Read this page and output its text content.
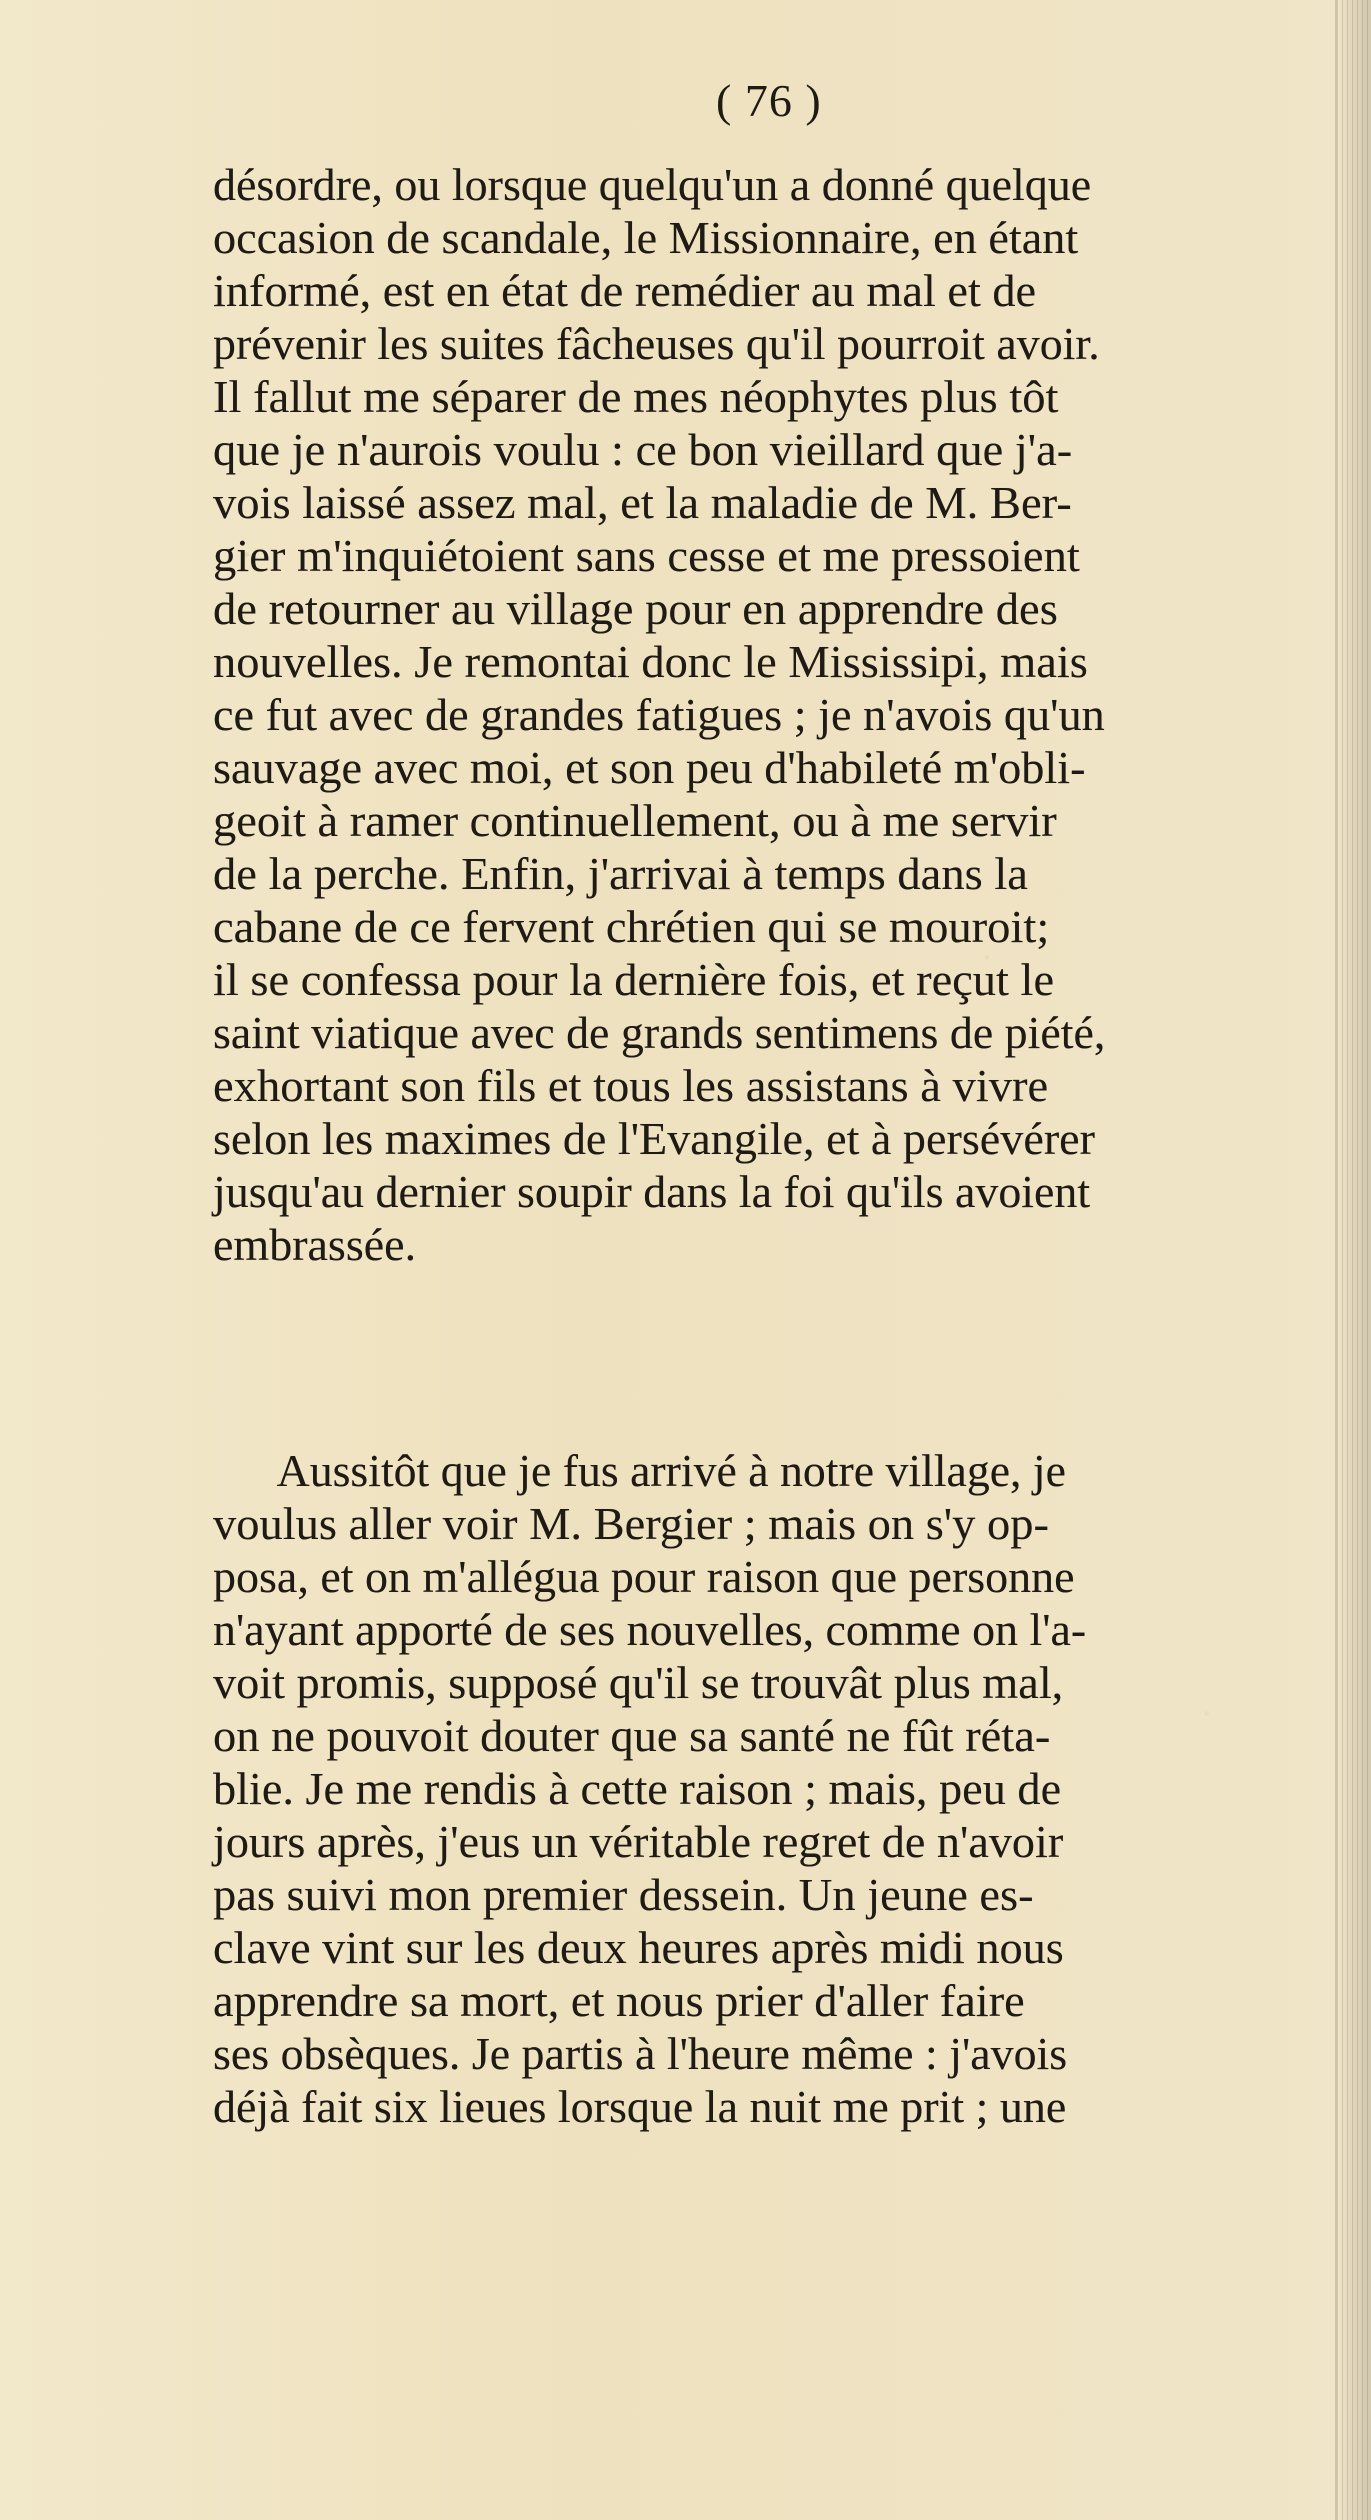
( 76 )
désordre, ou lorsque quelqu'un a donné quelque
occasion de scandale, le Missionnaire, en étant
informé, est en état de remédier au mal et de
prévenir les suites fâcheuses qu'il pourroit avoir.
Il fallut me séparer de mes néophytes plus tôt
que je n'aurois voulu : ce bon vieillard que j'a-
vois laissé assez mal, et la maladie de M. Ber-
gier m'inquiétoient sans cesse et me pressoient
de retourner au village pour en apprendre des
nouvelles. Je remontai donc le Mississipi, mais
ce fut avec de grandes fatigues ; je n'avois qu'un
sauvage avec moi, et son peu d'habileté m'obli-
geoit à ramer continuellement, ou à me servir
de la perche. Enfin, j'arrivai à temps dans la
cabane de ce fervent chrétien qui se mouroit;
il se confessa pour la dernière fois, et reçut le
saint viatique avec de grands sentimens de piété,
exhortant son fils et tous les assistans à vivre
selon les maximes de l'Evangile, et à persévérer
jusqu'au dernier soupir dans la foi qu'ils avoient
embrassée.
Aussitôt que je fus arrivé à notre village, je
voulus aller voir M. Bergier ; mais on s'y op-
posa, et on m'allégua pour raison que personne
n'ayant apporté de ses nouvelles, comme on l'a-
voit promis, supposé qu'il se trouvât plus mal,
on ne pouvoit douter que sa santé ne fût réta-
blie. Je me rendis à cette raison ; mais, peu de
jours après, j'eus un véritable regret de n'avoir
pas suivi mon premier dessein. Un jeune es-
clave vint sur les deux heures après midi nous
apprendre sa mort, et nous prier d'aller faire
ses obsèques. Je partis à l'heure même : j'avois
déjà fait six lieues lorsque la nuit me prit ; une
